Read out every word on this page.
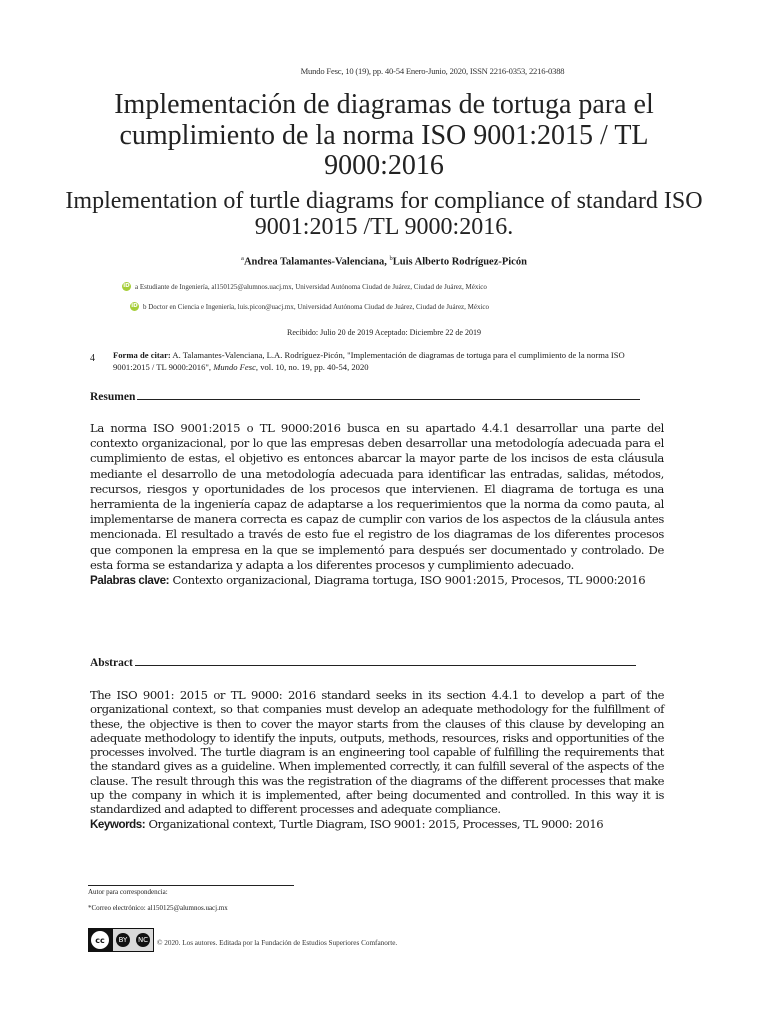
Mundo Fesc, 10 (19), pp. 40-54 Enero-Junio, 2020, ISSN 2216-0353, 2216-0388
Implementación de diagramas de tortuga para el cumplimiento de la norma ISO 9001:2015 / TL 9000:2016
Implementation of turtle diagrams for compliance of standard ISO 9001:2015 /TL 9000:2016.
$^a$Andrea Talamantes-Valenciana, $^b$Luis Alberto Rodríguez-Picón
iD a Estudiante de Ingeniería, al150125@alumnos.uacj.mx, Universidad Autónoma Ciudad de Juárez, Ciudad de Juárez, México
iD b Doctor en Ciencia e Ingeniería, luis.picon@uacj.mx, Universidad Autónoma Ciudad de Juárez, Ciudad de Juárez, México
Recibido: Julio 20 de 2019 Aceptado: Diciembre 22 de 2019
4 Forma de citar: A. Talamantes-Valenciana, L.A. Rodríguez-Picón, "Implementación de diagramas de tortuga para el cumplimiento de la norma ISO 9001:2015 / TL 9000:2016", Mundo Fesc, vol. 10, no. 19, pp. 40-54, 2020
Resumen
La norma ISO 9001:2015 o TL 9000:2016 busca en su apartado 4.4.1 desarrollar una parte del contexto organizacional, por lo que las empresas deben desarrollar una metodología adecuada para el cumplimiento de estas, el objetivo es entonces abarcar la mayor parte de los incisos de esta cláusula mediante el desarrollo de una metodología adecuada para identificar las entradas, salidas, métodos, recursos, riesgos y oportunidades de los procesos que intervienen. El diagrama de tortuga es una herramienta de la ingeniería capaz de adaptarse a los requerimientos que la norma da como pauta, al implementarse de manera correcta es capaz de cumplir con varios de los aspectos de la cláusula antes mencionada. El resultado a través de esto fue el registro de los diagramas de los diferentes procesos que componen la empresa en la que se implementó para después ser documentado y controlado. De esta forma se estandariza y adapta a los diferentes procesos y cumplimiento adecuado.
Palabras clave: Contexto organizacional, Diagrama tortuga, ISO 9001:2015, Procesos, TL 9000:2016
Abstract
The ISO 9001: 2015 or TL 9000: 2016 standard seeks in its section 4.4.1 to develop a part of the organizational context, so that companies must develop an adequate methodology for the fulfillment of these, the objective is then to cover the mayor starts from the clauses of this clause by developing an adequate methodology to identify the inputs, outputs, methods, resources, risks and opportunities of the processes involved. The turtle diagram is an engineering tool capable of fulfilling the requirements that the standard gives as a guideline. When implemented correctly, it can fulfill several of the aspects of the clause. The result through this was the registration of the diagrams of the different processes that make up the company in which it is implemented, after being documented and controlled. In this way it is standardized and adapted to different processes and adequate compliance.
Keywords: Organizational context, Turtle Diagram, ISO 9001: 2015, Processes, TL 9000: 2016
Autor para correspondencia:
*Correo electrónico: al150125@alumnos.uacj.mx
cc	BY	NC © 2020. Los autores. Editada por la Fundación de Estudios Superiores Comfanorte.
